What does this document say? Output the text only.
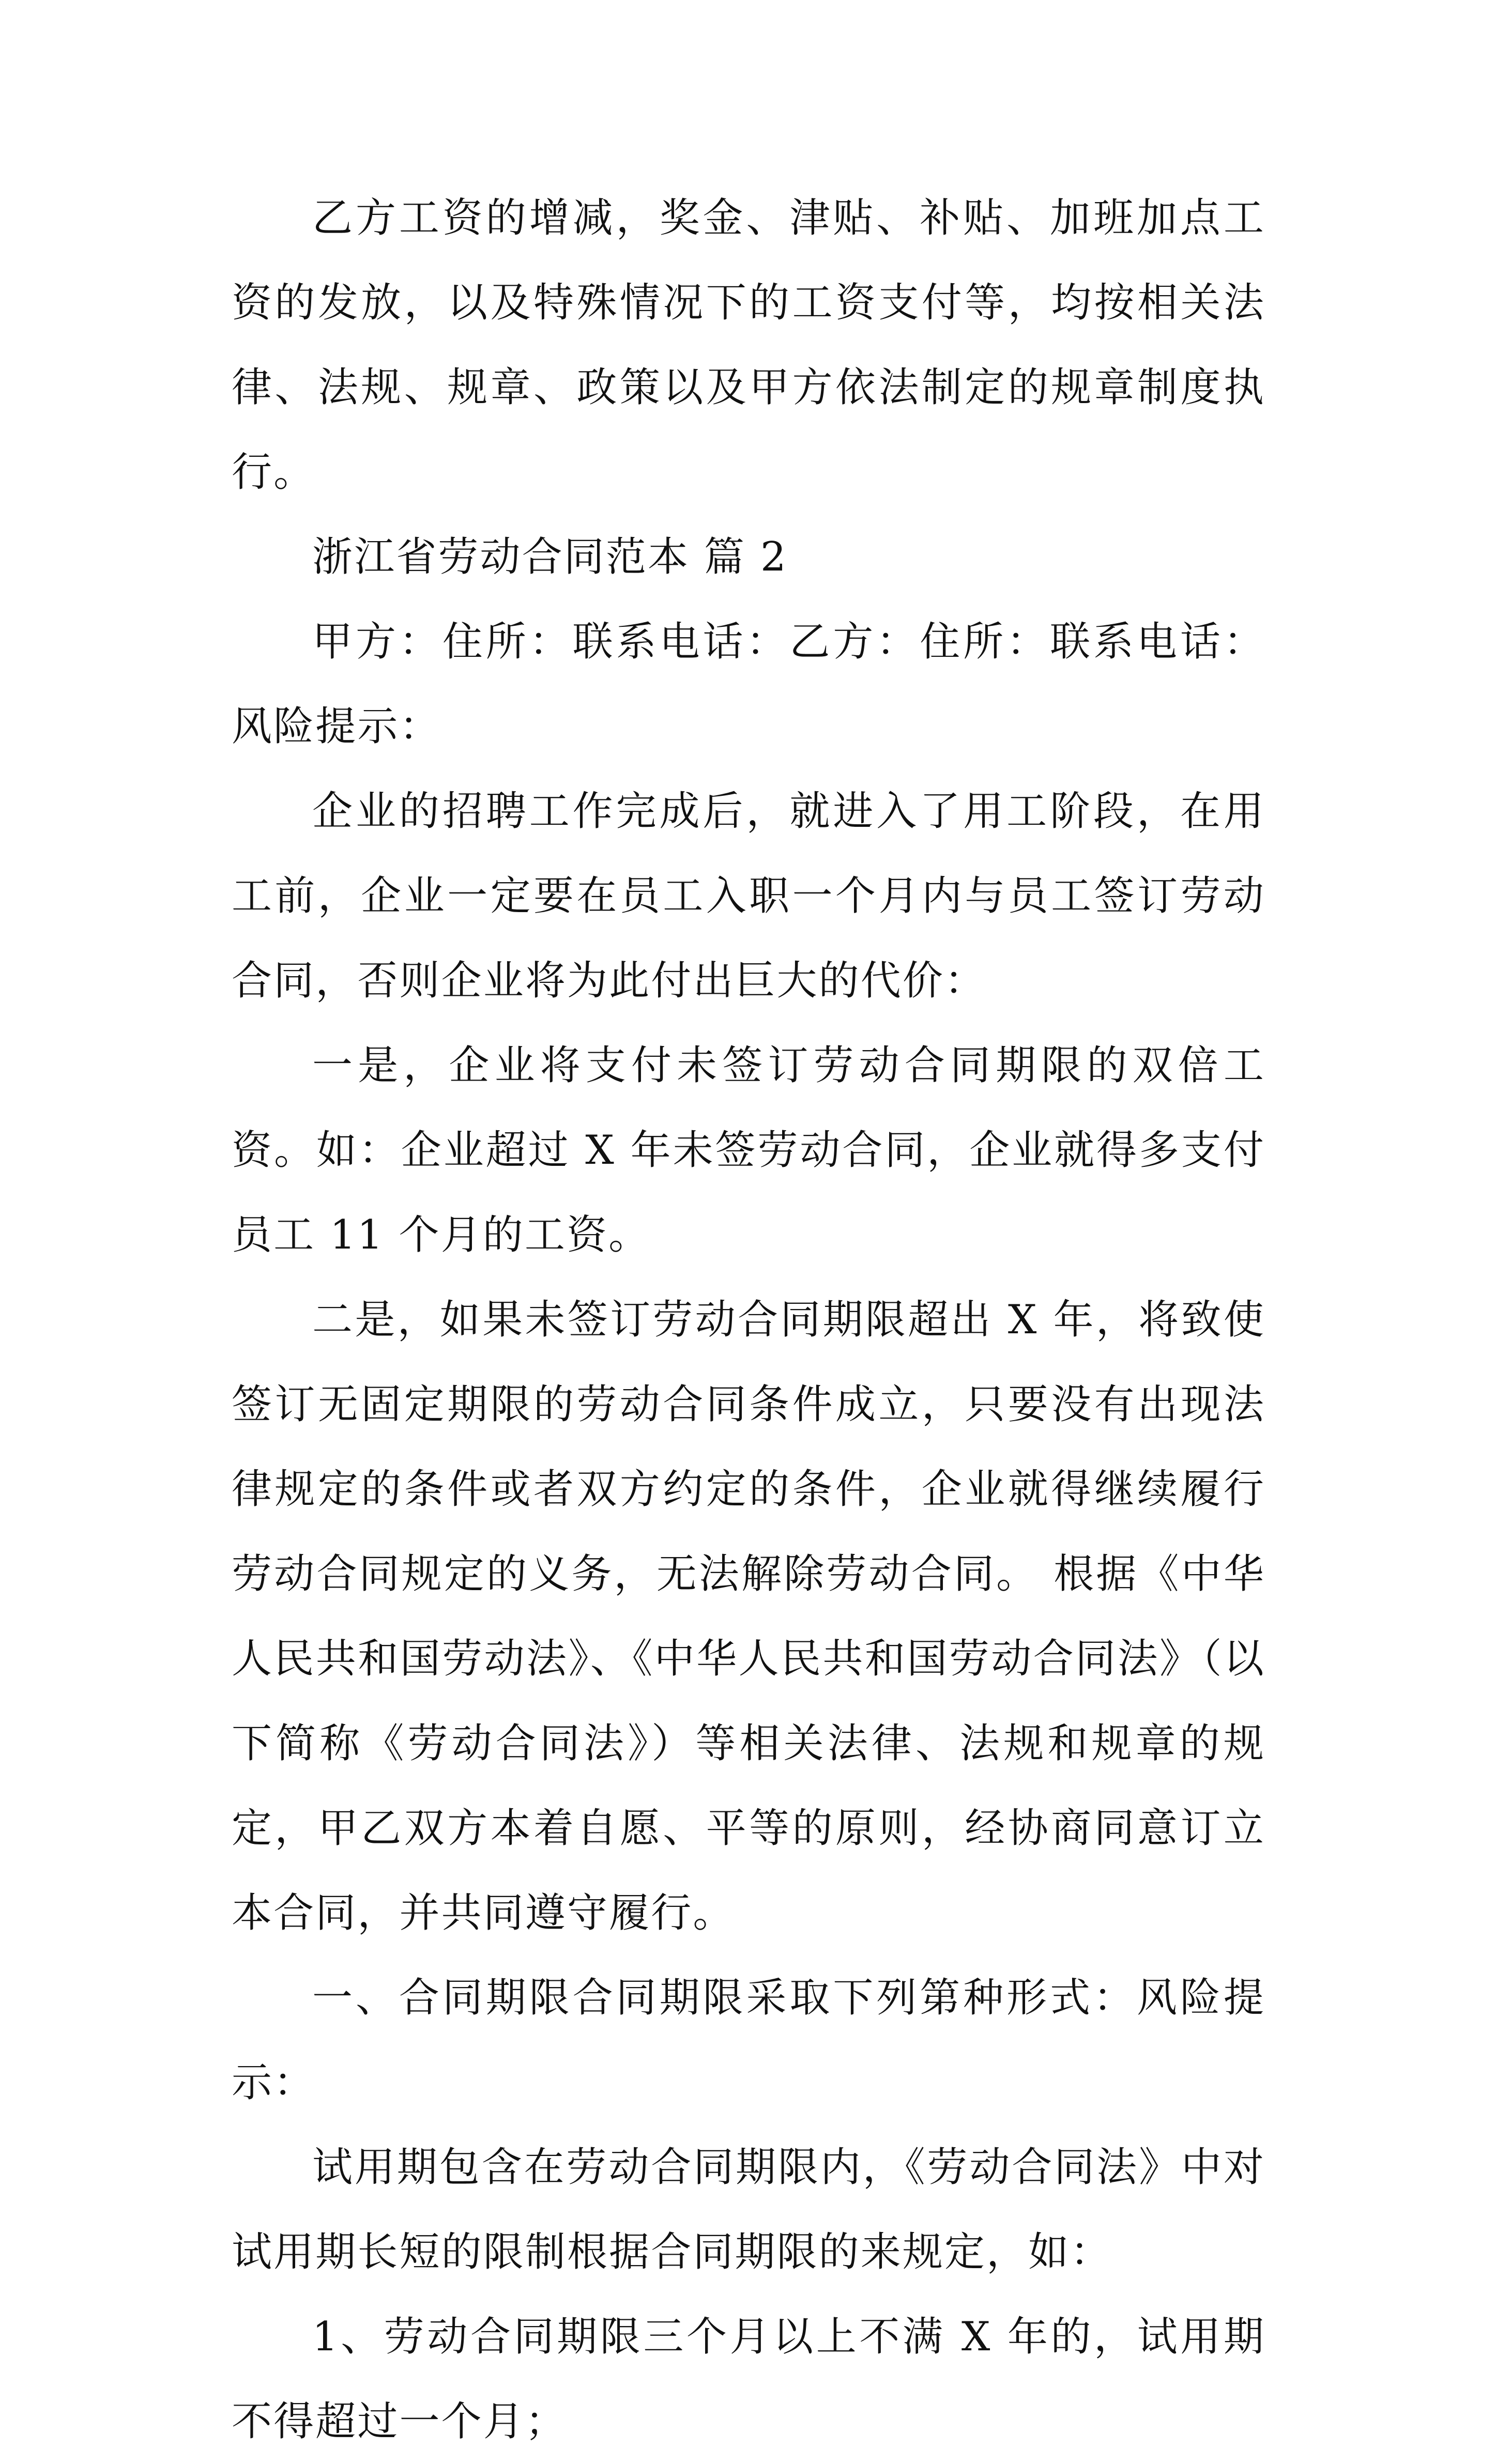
乙方工资的增减，奖金、津贴、补贴、加班加点工资的发放，以及特殊情况下的工资支付等，均按相关法律、法规、规章、政策以及甲方依法制定的规章制度执行。

浙江省劳动合同范本 篇 2

甲方：住所：联系电话：乙方：住所：联系电话：风险提示：

企业的招聘工作完成后，就进入了用工阶段，在用工前，企业一定要在员工入职一个月内与员工签订劳动合同，否则企业将为此付出巨大的代价：

一是，企业将支付未签订劳动合同期限的双倍工资。如：企业超过 X 年未签劳动合同，企业就得多支付员工 11 个月的工资。

二是，如果未签订劳动合同期限超出 X 年，将致使签订无固定期限的劳动合同条件成立，只要没有出现法律规定的条件或者双方约定的条件，企业就得继续履行劳动合同规定的义务，无法解除劳动合同。 根据《中华人民共和国劳动法》、《中华人民共和国劳动合同法》（以下简称《劳动合同法》）等相关法律、法规和规章的规定，甲乙双方本着自愿、平等的原则，经协商同意订立本合同，并共同遵守履行。

一、合同期限合同期限采取下列第种形式：风险提示：

试用期包含在劳动合同期限内，《劳动合同法》中对试用期长短的限制根据合同期限的来规定，如：

1、劳动合同期限三个月以上不满 X 年的，试用期不得超过一个月；
